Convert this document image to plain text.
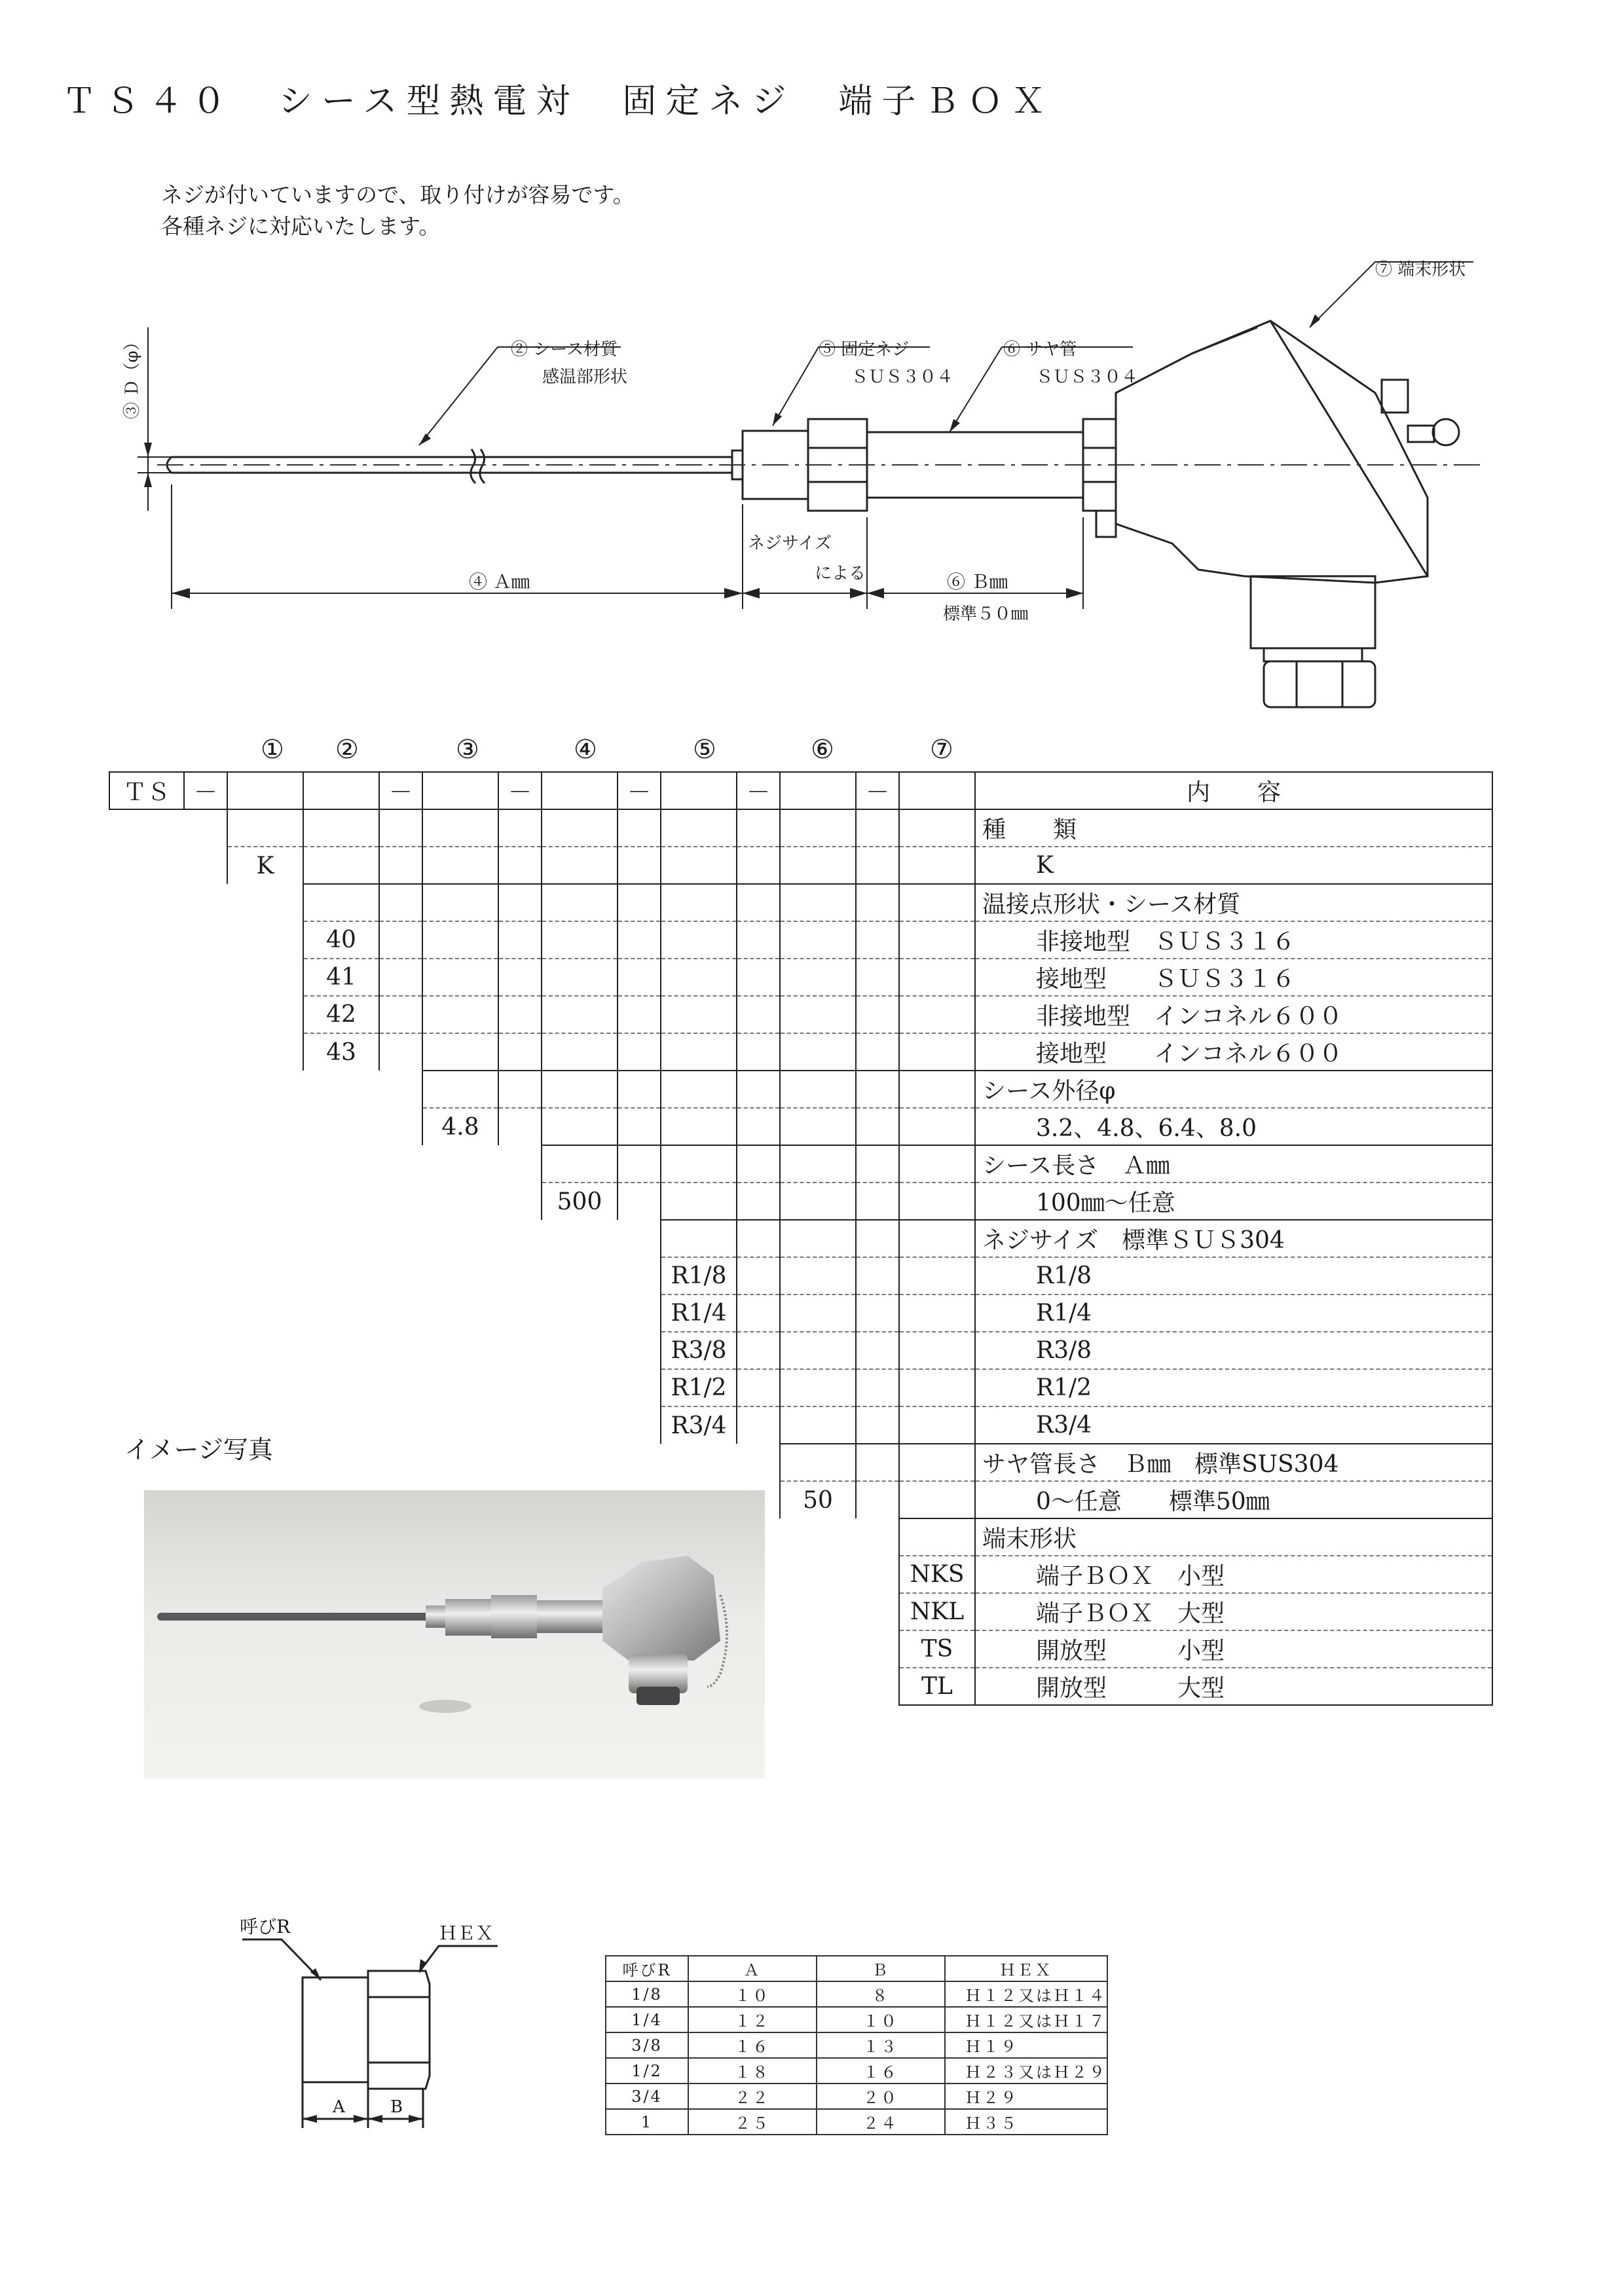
ＴＳ４０　シース型熱電対　固定ネジ　端子ＢＯＸ
ネジが付いていますので、取り付けが容易です。
各種ネジに対応いたします。
⑦ 端末形状
② シース材質
感温部形状
⑤ 固定ネジ
ＳＵＳ３０４
⑥ サヤ管
ＳＵＳ３０４
③ Ｄ（φ）
④ Ａ㎜
ネジサイズ
による	⑥ Ｂ㎜
標準５０㎜
① ②	③	④	⑤	⑥	⑦
ＴＳ	－			－		－		－		－		－		内　　容
														種　　類
		K												K
														温接点形状・シース材質
			40											非接地型　ＳＵＳ３１６
			41											接地型　　ＳＵＳ３１６
			42											非接地型　インコネル６００
			43											接地型　　インコネル６００
														シース外径φ
					4.8									3.2、4.8、6.4、8.0
														シース長さ　Ａ㎜
							500							100㎜～任意
														ネジサイズ　標準ＳＵＳ304
									R1/8					R1/8
									R1/4					R1/4
									R3/8					R3/8
									R1/2					R1/2
									R3/4					R3/4
														サヤ管長さ　Ｂ㎜　標準SUS304
											50			0～任意　　標準50㎜
														端末形状
													NKS	端子ＢＯＸ　小型
													NKL	端子ＢＯＸ　大型
													TS	開放型　　　小型
													TL	開放型　　　大型
イメージ写真
呼びR	ＨＥＸ
A	B
呼びR	Ａ	Ｂ	ＨＥＸ
1/8	１０	８	Ｈ１２又はＨ１４
1/4	１２	１０	Ｈ１２又はＨ１７
3/8	１６	１３	Ｈ１９
1/2	１８	１６	Ｈ２３又はＨ２９
3/4	２２	２０	Ｈ２９
1	２５	２４	Ｈ３５
